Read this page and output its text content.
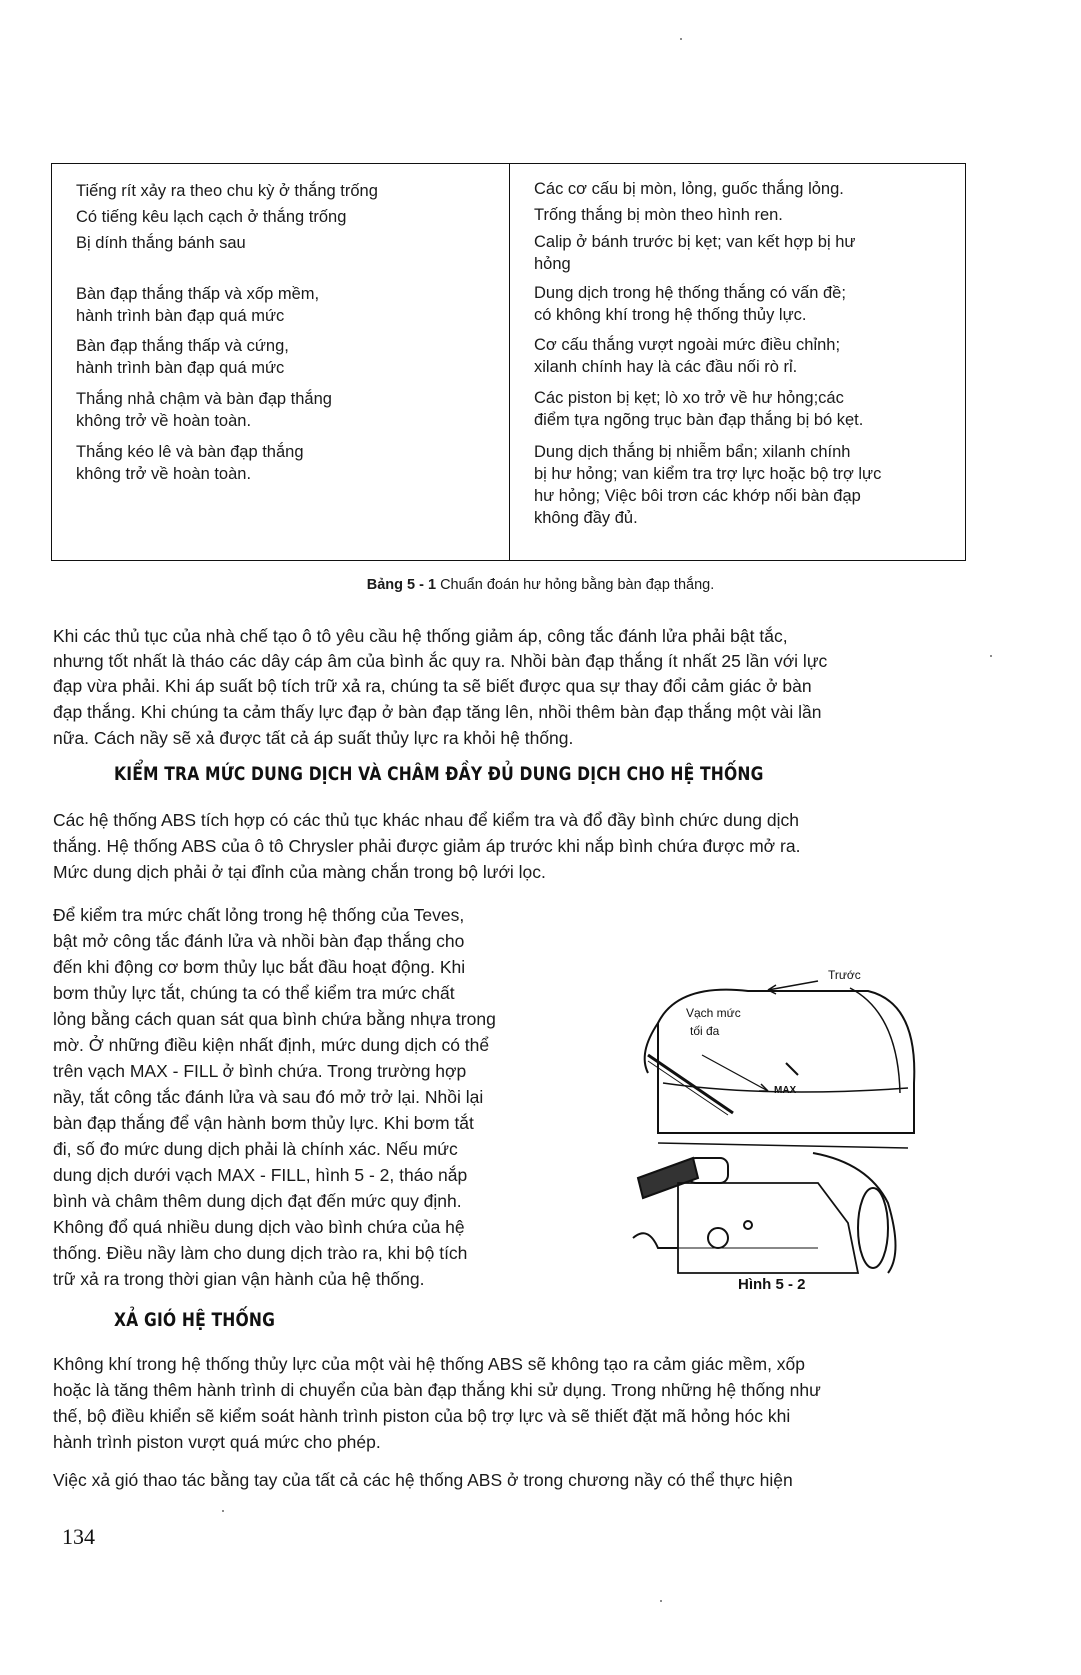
Tiếng rít xảy ra theo chu kỳ ở thắng trống
Có tiếng kêu lạch cạch ở thắng trống
Bị dính thắng bánh sau
Bàn đạp thắng thấp và xốp mềm,
hành trình bàn đạp quá mức
Bàn đạp thắng thấp và cứng,
hành trình bàn đạp quá mức
Thắng nhả chậm và bàn đạp thắng
không trở về hoàn toàn.
Thắng kéo lê và bàn đạp thắng
không trở về hoàn toàn.
Các cơ cấu bị mòn, lỏng, guốc thắng lỏng.
Trống thắng bị mòn theo hình ren.
Calip ở bánh trước bị kẹt; van kết hợp bị hư
hỏng
Dung dịch trong hệ thống thắng có vấn đề;
có không khí trong hệ thống thủy lực.
Cơ cấu thắng vượt ngoài mức điều chỉnh;
xilanh chính hay là các đầu nối rò rỉ.
Các piston bị kẹt; lò xo trở về hư hỏng;các
điểm tựa ngõng trục bàn đạp thắng bị bó kẹt.
Dung dịch thắng bị nhiễm bẩn; xilanh chính
bị hư hỏng; van kiểm tra trợ lực hoặc bộ trợ lực
hư hỏng; Việc bôi trơn các khớp nối bàn đạp
không đầy đủ.
Bảng 5 - 1 Chuẩn đoán hư hỏng bằng bàn đạp thắng.
Khi các thủ tục của nhà chế tạo ô tô yêu cầu hệ thống giảm áp, công tắc đánh lửa phải bật tắc,
nhưng tốt nhất là tháo các dây cáp âm của bình ắc quy ra. Nhồi bàn đạp thắng ít nhất 25 lần với lực
đạp vừa phải. Khi áp suất bộ tích trữ xả ra, chúng ta sẽ biết được qua sự thay đổi cảm giác ở bàn
đạp thắng. Khi chúng ta cảm thấy lực đạp ở bàn đạp tăng lên, nhồi thêm bàn đạp thắng một vài lần
nữa. Cách nầy sẽ xả được tất cả áp suất thủy lực ra khỏi hệ thống.
KIỂM TRA MỨC DUNG DỊCH VÀ CHÂM ĐẦY ĐỦ DUNG DỊCH CHO HỆ THỐNG
Các hệ thống ABS tích hợp có các thủ tục khác nhau để kiểm tra và đổ đầy bình chức dung dịch
thắng. Hệ thống ABS của ô tô Chrysler phải được giảm áp trước khi nắp bình chứa được mở ra.
Mức dung dịch phải ở tại đỉnh của màng chắn trong bộ lưới lọc.
Để kiểm tra mức chất lỏng trong hệ thống của Teves,
bật mở công tắc đánh lửa và nhồi bàn đạp thắng cho
đến khi động cơ bơm thủy lục bắt đầu hoạt động. Khi
bơm thủy lực tắt, chúng ta có thể kiểm tra mức chất
lỏng bằng cách quan sát qua bình chứa bằng nhựa trong
mờ. Ở những điều kiện nhất định, mức dung dịch có thể
trên vạch MAX - FILL ở bình chứa. Trong trường hợp
nầy, tắt công tắc đánh lửa và sau đó mở trở lại. Nhồi lại
bàn đạp thắng để vận hành bơm thủy lực. Khi bơm tắt
đi, số đo mức dung dịch phải là chính xác. Nếu mức
dung dịch dưới vạch MAX - FILL, hình 5 - 2, tháo nắp
bình và châm thêm dung dịch đạt đến mức quy định.
Không đổ quá nhiều dung dịch vào bình chứa của hệ
thống. Điều nầy làm cho dung dịch trào ra, khi bộ tích
trữ xả ra trong thời gian vận hành của hệ thống.
Trước
Vạch mức
tối đa
MAX
Hình 5 - 2
XẢ GIÓ HỆ THỐNG
Không khí trong hệ thống thủy lực của một vài hệ thống ABS sẽ không tạo ra cảm giác mềm, xốp
hoặc là tăng thêm hành trình di chuyển của bàn đạp thắng khi sử dụng. Trong những hệ thống như
thế, bộ điều khiển sẽ kiểm soát hành trình piston của bộ trợ lực và sẽ thiết đặt mã hỏng hóc khi
hành trình piston vượt quá mức cho phép.
Việc xả gió thao tác bằng tay của tất cả các hệ thống ABS ở trong chương nầy có thể thực hiện
134
